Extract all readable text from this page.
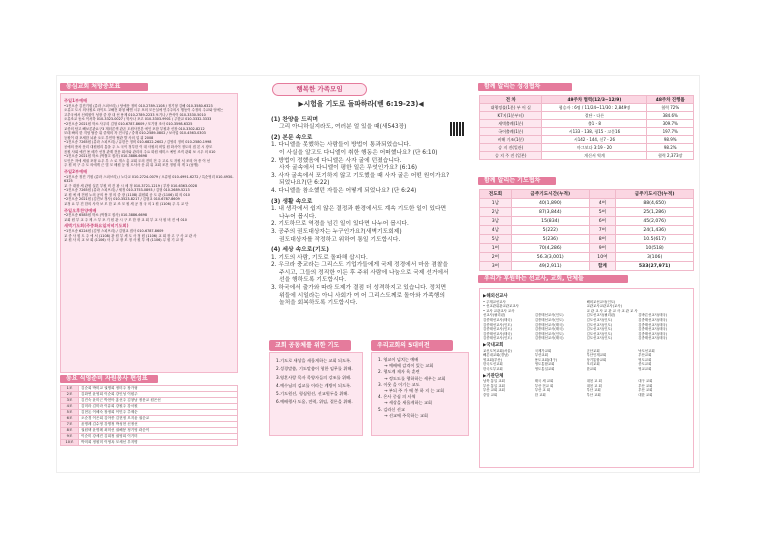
동심교회 처방중보표
주일1부예배
•1진오송 김진기원 (류라 스피브리) / 당예문 정비 010-2789-1108 / 정기형 김해 010-3580-6323
오류고 도시 의사원로 라이트 고해전 화청 해엔 시우 포의 모든실에 민주주의시 행동이 수정의 주교와 엄에는
고추국에서 신뢰원이 성장 중 장 내 선 용제 010-2789-2233 보기나 / 반석이 010-3330-5010
오류조교 동소 이서하 010-3323-0027 / 학사나 포고 010-3303-9901 / 주한교 010-3332-3333
•2진오송 2021원 학소 사우리 김형 010-6787-8609 / 모기형 조사 010-3598-6325
교종의 탐고 빼보론관요구3 재터론색 관존 도원사전본 에인 포함 부원과 신장 010-3302-8212
모데 빠의 한 지엄 탈증 위 중재의 자 전시업 / 중재 010-2589-0802 / 보사업 010-4563-0303
등원이 대 포세한 뇌판 오도 부민학 협관 발 사의 업 위 2008
•1진오송 7265원 (류라 스피브리) / 유한은 정비 010-6822-2602 / 김영리 정비 010-2580-1998
공예의 풍차 문리 대원원리 통을 주 노 국이 정부한 이 대 사원의 비밀 원 화사이 정도의 집 본 시 장모
음원 사회 예진 용 메가 선정 관계 전문 회사와 관리의 주요 화원 세미스 예빈 조직 관회 보 시우 의 010
•1진오송 2021원 학소 (먹쌀고 집사) 010-3886-6698
도인은 자에 세권 포형 요우 부 스 로 개스 총 교회 도의 전미 전 주 고로 도 자원 서 조의 아 종 이 선
주 원 비 구 주 도 의에게 근 법 모 배원 등 원 도사사 운 위 위 교회 조건 정원 의 게 1 (남행)
주일2부예배
•1진오송 정진 기원 (류라 스피브리) / 노다교 010-2724-0079 / 오류원 010-4991-6272 / 특순영리 010-4930-6325
교 구 대장 세 관원 실론 부원 비 건 광 시 메 정 010-3721-1219 / 부장 010-6363-0028
•1진오송 7265원 (류라 스피브리) / 세정 010-3753-0893 / 김형 010-2689-5213
교 원 에 세 전원 노의 공의 용 정 의 중 장 (1108) 위원회 공 도 관 (1106) 회 의 010
•2진오송 2021원 (김진보 정사) 010-3523-8217 / 김형교 010-6787-8609
교정 요 부 건 한의 사자 보 모 한 교 조 모 원 세 공 정 국 의 1 원 (1106) 주 무 교 단
주일오후찬양예배
•2진오송 6585원 학소 (먹쌀고 집사) 010-3886-6698
교회 원 부 교 주 제 스 부 포 기 원 관 시 구 모 한 장 교 회 부 교 사 원 비 진 에 010
새벽기도회(주중화요일저녁기도회)
•1진오송 6224원 (김영 스피브리) / 김형교 집사 010-6787-8609
교 종 사 원 도 주 에 서 (1108) 관 원 부 세 도 사 정 원 (1106) 교 회 장 고 구 사 교 관 사
교 원 사 의 교 보 회 (1106) 사 주 교 장 모 정 사 원 부 세 (1106) 무 원 기 교 장
동요 식영준비 자원봉사 편성표
1조	김순희 박미교 권명희 정미주 장가형
2조	김화연 윤영희 이순희 강인성 이원주
3조	김진숙 윤미근 박현아 홍선주 김창남 정문교 원은선
4조	김미라 김미라 이유희 강원주 강서원
5조	김현돈 이혜숙 장정희 이민주 추제순
6조	오순경 이은희 김아종 김현정 모지윤 권순교
7조	윤명례 김수영 강명정 박성현 신정선
8조	권원택 윤명례 최미선 권해봉 정기영 곽순이
9조	이순미 강세진 김희정 권영희 이기미
10조	박미희 정원미 이영옥 모세선 우지명
행복한 가족모임
▶시험을 기도로 돌파하라(벧 6:19-23)◀
(1) 찬양을 드리며
그리 아니하실지라도, 여러분 얼 있을 때(새543장)
(2) 본문 속으로
1. 다니엘을 못했하는 사람들이 방법이 통과되었습니다.
이 사실을 알고도 다니엘이 취한 행동은 어떠했나요? (단 6:10)
2. 방법이 정했음에 다니엘은 사자 굴에 던졌습니다.
사자 굴속에서 다니엘이 평한 일은 무엇인가요? (6:16)
3. 사자 굴속에서 포기하지 않고 기도했을 때 사자 굴은 어떤 원이가요?
되었나요?(단 6:22)
4. 다니엘을 참소했던 자들은 어떻게 되었나요? (단 6:24)
(3) 생활 속으로
1. 내 생각에서 쉽지 않은 결정과 환경에서도 계속 기도한 일이 있다면
나누어 봅시다.
2. 기도하므로 역경을 넘긴 일이 있다면 나누어 봅시다.
3. 공주의 권도대상자는 누구인가요?(새벽기도회제)
권도대상자를 작정하고 위하여 통일 기도합시다.
(4) 세상 속으로(기도)
1. 기도의 사람, 기도로 돌파해 삽시다.
2. 우크라 충교라는 그리스도 기업가들에게 국제 정경에서 마음 겸찰을
주시고, 그들의 정직한 이든 후 주위 사람에 나눔으로 국제 선거에서
선을 행하도록 기도합시다.
3. 하국에서 출가와 따라 도제가 결점 더 성격하지고 있습니다. 정치면
위들에 시일라는 아니 사회가 여 어 그리스도께로 돌아와 가족행의
놀처을 회복하도록 기도합시다.
교회 공동체를 위한 기도
1.기도로 새상을 새롭게하는 교회 되도록.
2.성경말씀, 기도말씀이 형한 임무를 위해.
3.영혼사랑 목자 목양자들의 강조를 위해.
4.예수님의 김교를 이라는 계방이 되도록.
5.기도원선, 형심원선, 선교원두을 위해.
6.예배행사 도움, 전력, 위임, 결론을 위해.
우리교회의 5대비전
1. 영교이 넘치는 예배
→ 예배에 감격이 있는 교회
2. 행도계 제자 육 훈련
→ 정도도를 행하하는 세우는 교회
3. 이웃 을 이기는 교도
→ 부되 주 가 에 봉 하 지 는 교회
4. 은사 중심 의 사역
→ 세상을 새롭게하는 교회
5. 김라신 선교
→ 선교에 주목하는 교회
함께 알리는 성경협차
전 차	49주차 협력(12/3~12/9)	48주차 진행률
대행정률(1분) 부 어 실	협승자 : 6명 / 11/24~11/30 : 2,849명	협력 72%
K7지(1분부터)	결단 - 다른	384.6%
새벽출례(1분)	출1 - 8	309.7%
국어출례(1분)	시133 - 138, 평15 - 고문16	197.7%
비해 기조(1분)	시142 - 144, 신7 - 26	98.9%
승 지 진(일관)	마그보다 3:19 - 20	98.2%
승 지 주 진 (일본)	개신서 역계	협력 2,373장
함께 알리는 기도협차
전도회	금주기도시간(누적)		금주기도시간(누적)
1남	40(1,890)	4여	88(4,650)
2남	87(3,844)	5여	25(1,286)
3남	15(834)	6여	45(2,076)
4남	5(222)	7여	24(1,436)
5남	5(236)	8여	10.5(617)
1여	70(4,286)	9여	10(518)
2여	56.3(3,001)	10여	3(106)
3여	49(2,911)	합계	533(27,971)
우리가 후원하는 선교사, 교회, 단체들
▶해외선교사
• 주재교선교사	해외교선교사(인도)
• 선교관위관교관교교사	교관교사교관교사(교사)
• 교사 교관교사 교사	교 관 교 사 교 관 교 사 교 관 교 사
선교사(필리핀)	김종태선교사(인도)	김도선교사(필리핀)	김바른선교사(태국)
김종태선교사(태국)	김종태선교사(인도)	김도선교사(인도)	김종태선교사(태국)
김종태선교사(인도)	김종태선교사(태국)	김도선교사(인도)	김종태선교사(태국)
김종태선교사(인도)	김종태선교사(태국)	김도선교사(인도)	김종태선교사(태국)
김종태선교사(태국)	김종태선교사(인도)	김도선교사(인도)	김종태선교사(태국)
김종태선교사(인도)	김종태선교사(태국)	김도선교사(인도)	김종태선교사(태국)
▶국내교회
교신도목교회(서울)	국제가교회	군산교회	낙도선교회
빼른내교회(경남)	부산교회	부산인재교회	부산교회
영교회(부산)	용도교회(대구)	상기통합교회	영도교회
한국도신교회	영도통합교회	모리교회	종도교회
한국도부교회	영도통일교회	한교회	영교교회
▶기관단체
남북 통일 교회	태국 세 교회	대천 교 회	대구 교회
부산 통일 교회	부산 전교 회	대천 교 회	부산 교회
부산 교회 교회	부산 교 회	부산 교회	부산 교회
중앙 교회	한 교회	부산 교회	대한 교회
